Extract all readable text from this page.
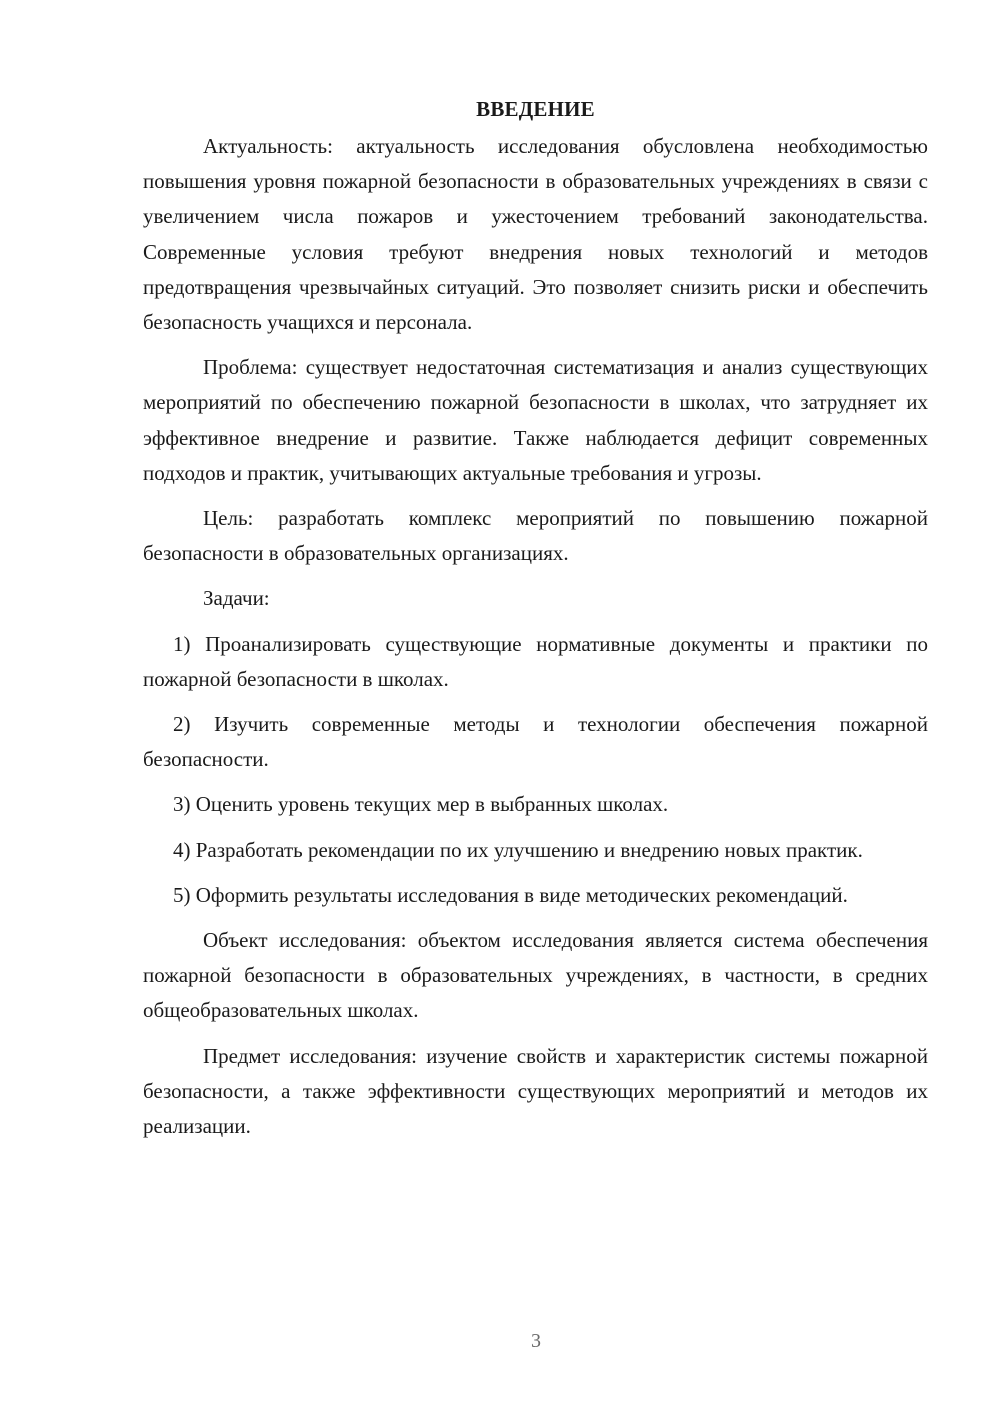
ВВЕДЕНИЕ

Актуальность: актуальность исследования обусловлена необходимостью повышения уровня пожарной безопасности в образовательных учреждениях в связи с увеличением числа пожаров и ужесточением требований законодательства. Современные условия требуют внедрения новых технологий и методов предотвращения чрезвычайных ситуаций. Это позволяет снизить риски и обеспечить безопасность учащихся и персонала.

Проблема: существует недостаточная систематизация и анализ существующих мероприятий по обеспечению пожарной безопасности в школах, что затрудняет их эффективное внедрение и развитие. Также наблюдается дефицит современных подходов и практик, учитывающих актуальные требования и угрозы.

Цель: разработать комплекс мероприятий по повышению пожарной безопасности в образовательных организациях.

Задачи:

1) Проанализировать существующие нормативные документы и практики по пожарной безопасности в школах.

2) Изучить современные методы и технологии обеспечения пожарной безопасности.

3) Оценить уровень текущих мер в выбранных школах.

4) Разработать рекомендации по их улучшению и внедрению новых практик.

5) Оформить результаты исследования в виде методических рекомендаций.

Объект исследования: объектом исследования является система обеспечения пожарной безопасности в образовательных учреждениях, в частности, в средних общеобразовательных школах.

Предмет исследования: изучение свойств и характеристик системы пожарной безопасности, а также эффективности существующих мероприятий и методов их реализации.

3
